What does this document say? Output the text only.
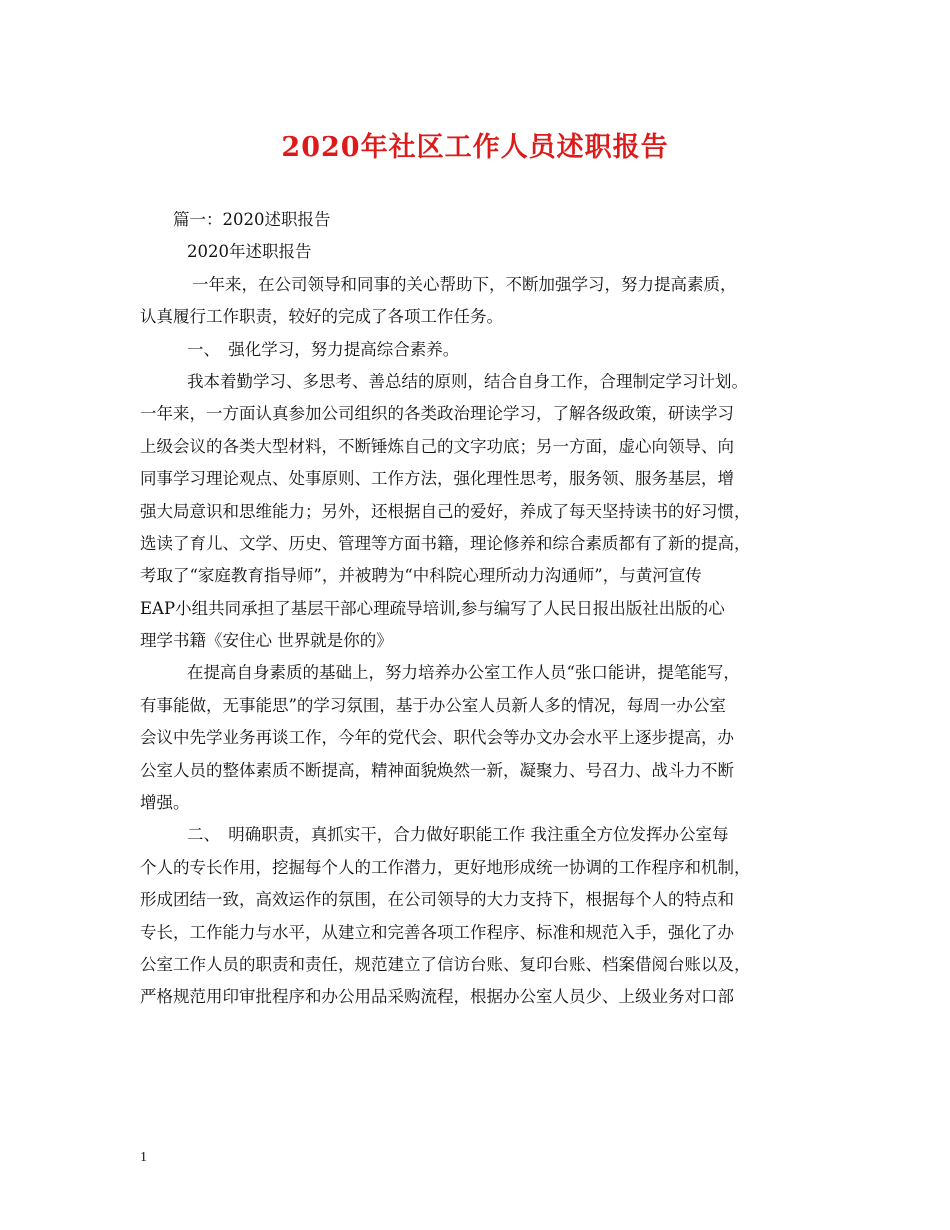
2020年社区工作人员述职报告
篇一：2020述职报告
2020年述职报告
一年来，在公司领导和同事的关心帮助下，不断加强学习，努力提高素质，
认真履行工作职责，较好的完成了各项工作任务。
一、　强化学习，努力提高综合素养。
我本着勤学习、多思考、善总结的原则，结合自身工作，合理制定学习计划。
一年来，一方面认真参加公司组织的各类政治理论学习，了解各级政策，研读学习
上级会议的各类大型材料，不断锤炼自己的文字功底；另一方面，虚心向领导、向
同事学习理论观点、处事原则、工作方法，强化理性思考，服务领、服务基层，增
强大局意识和思维能力；另外，还根据自己的爱好，养成了每天坚持读书的好习惯，
选读了育儿、文学、历史、管理等方面书籍，理论修养和综合素质都有了新的提高，
考取了“家庭教育指导师”，并被聘为“中科院心理所动力沟通师”，与黄河宣传
EAP小组共同承担了基层干部心理疏导培训,参与编写了人民日报出版社出版的心
理学书籍《安住心 世界就是你的》
在提高自身素质的基础上，努力培养办公室工作人员“张口能讲，提笔能写，
有事能做，无事能思”的学习氛围，基于办公室人员新人多的情况，每周一办公室
会议中先学业务再谈工作，今年的党代会、职代会等办文办会水平上逐步提高，办
公室人员的整体素质不断提高，精神面貌焕然一新，凝聚力、号召力、战斗力不断
增强。
二、　明确职责，真抓实干，合力做好职能工作 我注重全方位发挥办公室每
个人的专长作用，挖掘每个人的工作潜力，更好地形成统一协调的工作程序和机制，
形成团结一致，高效运作的氛围，在公司领导的大力支持下，根据每个人的特点和
专长，工作能力与水平，从建立和完善各项工作程序、标准和规范入手，强化了办
公室工作人员的职责和责任，规范建立了信访台账、复印台账、档案借阅台账以及，
严格规范用印审批程序和办公用品采购流程，根据办公室人员少、上级业务对口部
1
